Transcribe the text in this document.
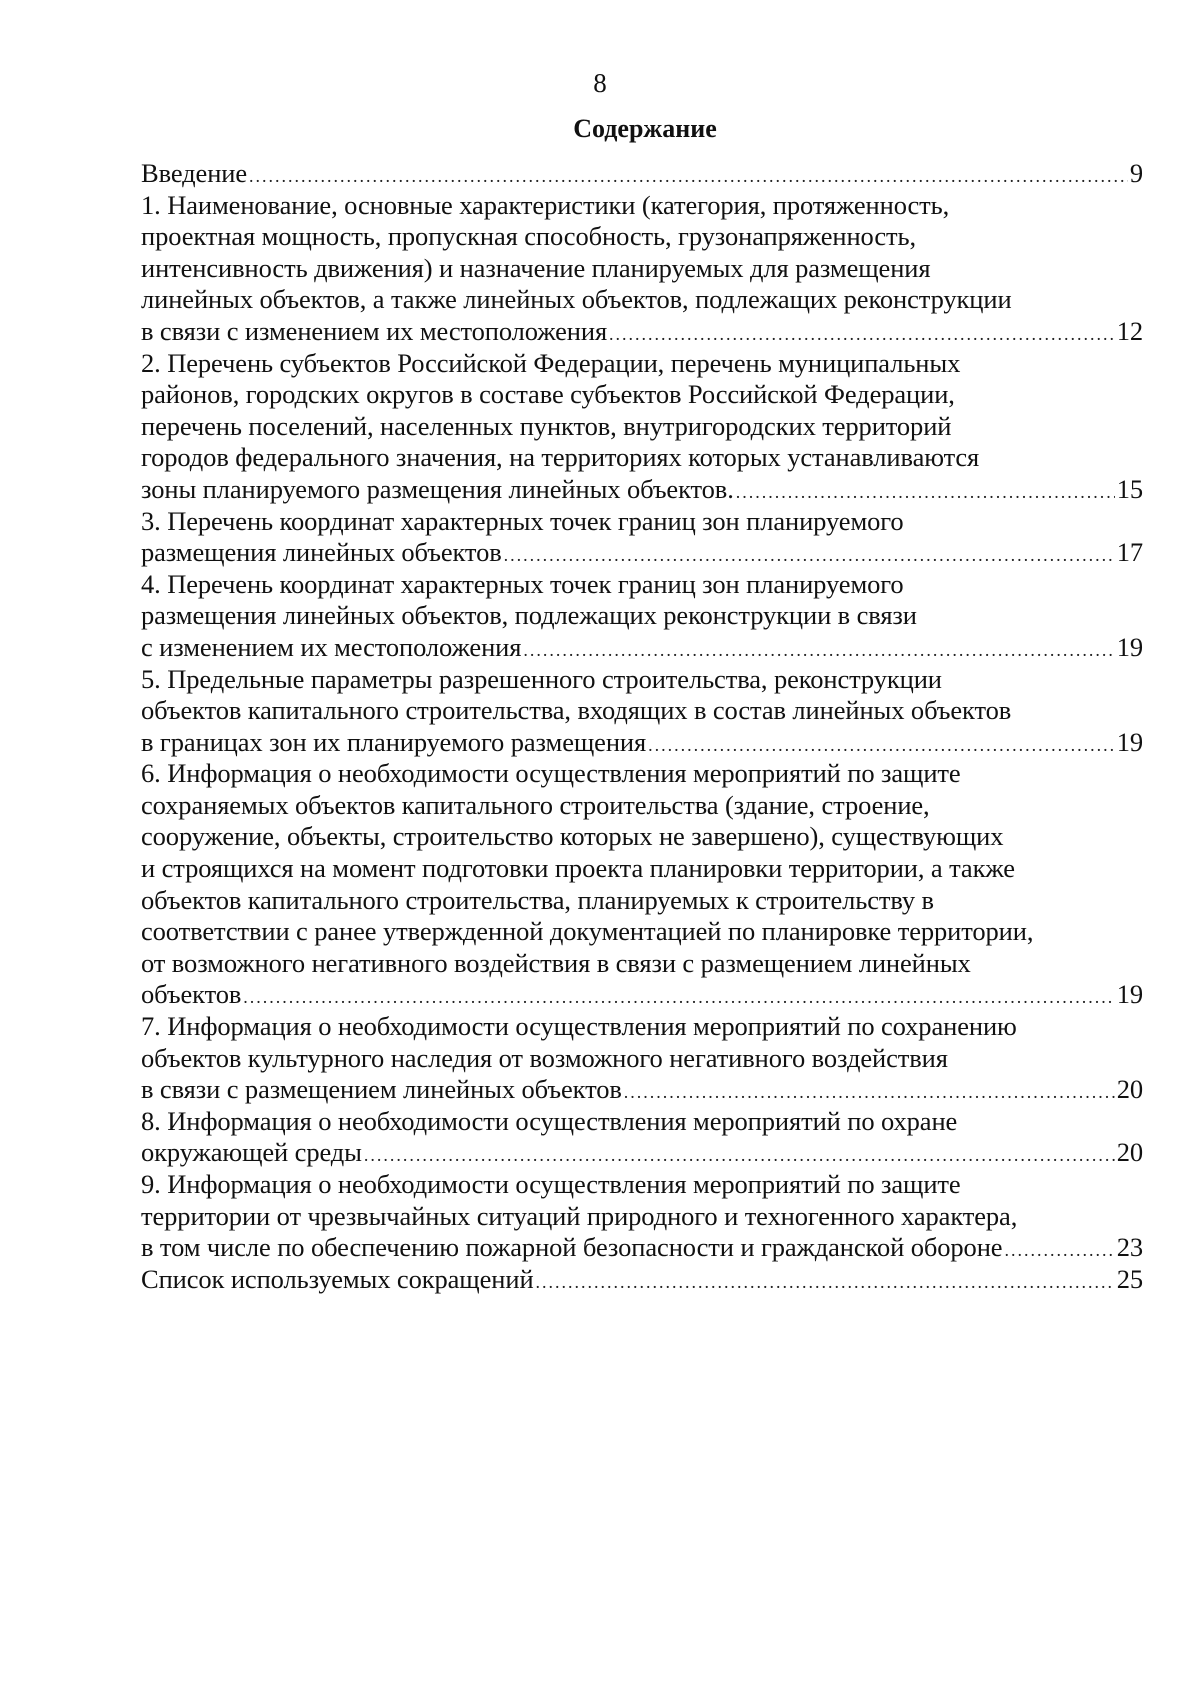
8
Содержание
Введение .....	9
1. Наименование, основные характеристики (категория, протяженность,
проектная мощность, пропускная способность, грузонапряженность,
интенсивность движения) и назначение планируемых для размещения
линейных объектов, а также линейных объектов, подлежащих реконструкции
в связи с изменением их местоположения .....	12
2. Перечень субъектов Российской Федерации, перечень муниципальных
районов, городских округов в составе субъектов Российской Федерации,
перечень поселений, населенных пунктов, внутригородских территорий
городов федерального значения, на территориях которых устанавливаются
зоны планируемого размещения линейных объектов. .....	15
3. Перечень координат характерных точек границ зон планируемого
размещения линейных объектов .....	17
4. Перечень координат характерных точек границ зон планируемого
размещения линейных объектов, подлежащих реконструкции в связи
с изменением их местоположения .....	19
5. Предельные параметры разрешенного строительства, реконструкции
объектов капитального строительства, входящих в состав линейных объектов
в границах зон их планируемого размещения .....	19
6. Информация о необходимости осуществления мероприятий по защите
сохраняемых объектов капитального строительства (здание, строение,
сооружение, объекты, строительство которых не завершено), существующих
и строящихся на момент подготовки проекта планировки территории, а также
объектов капитального строительства, планируемых к строительству в
соответствии с ранее утвержденной документацией по планировке территории,
от возможного негативного воздействия в связи с размещением линейных
объектов .....	19
7. Информация о необходимости осуществления мероприятий по сохранению
объектов культурного наследия от возможного негативного воздействия
в связи с размещением линейных объектов .....	20
8. Информация о необходимости осуществления мероприятий по охране
окружающей среды .....	20
9. Информация о необходимости осуществления мероприятий по защите
территории от чрезвычайных ситуаций природного и техногенного характера,
в том числе по обеспечению пожарной безопасности и гражданской обороне .....	23
Список используемых сокращений .....	25
